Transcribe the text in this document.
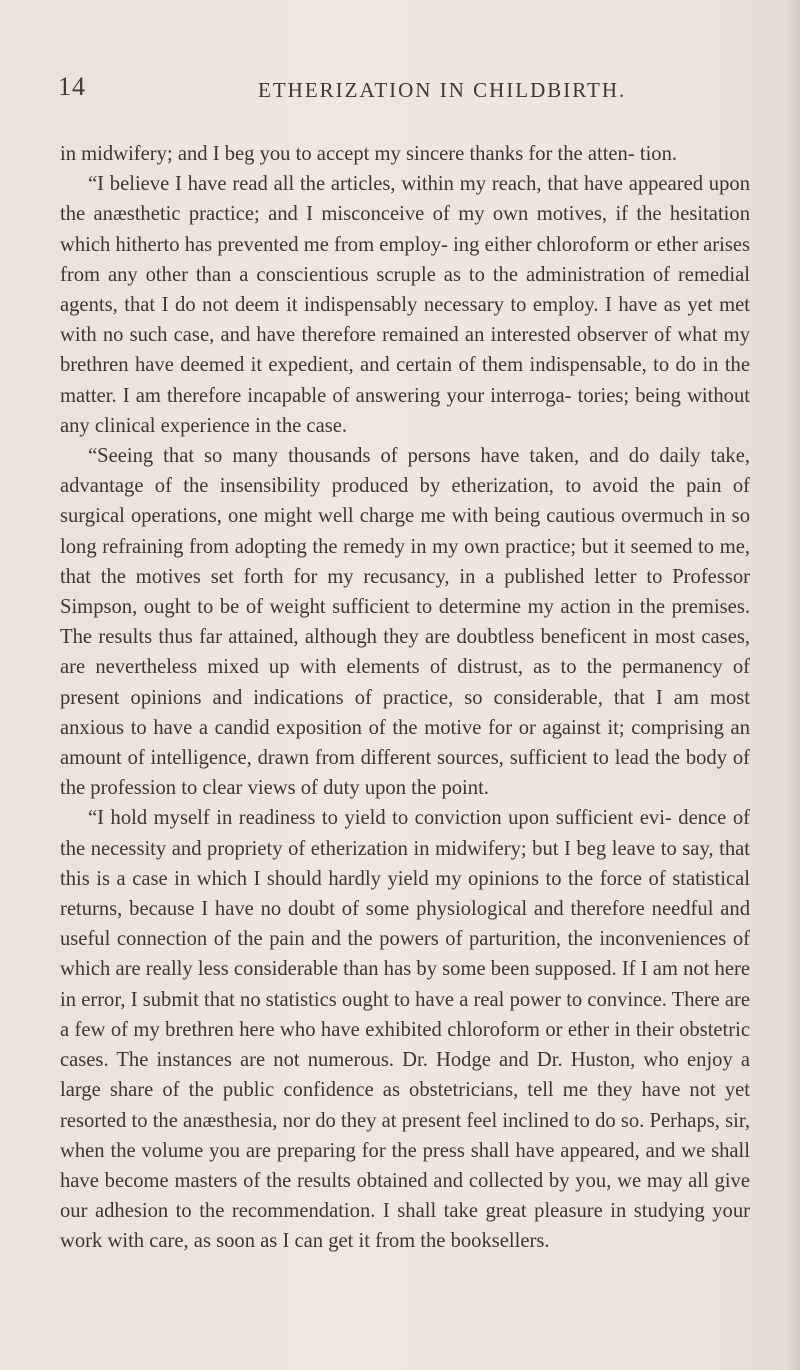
14	ETHERIZATION IN CHILDBIRTH.

in midwifery; and I beg you to accept my sincere thanks for the atten- tion.

“I believe I have read all the articles, within my reach, that have appeared upon the anæsthetic practice; and I misconceive of my own motives, if the hesitation which hitherto has prevented me from employ- ing either chloroform or ether arises from any other than a conscientious scruple as to the administration of remedial agents, that I do not deem it indispensably necessary to employ. I have as yet met with no such case, and have therefore remained an interested observer of what my brethren have deemed it expedient, and certain of them indispensable, to do in the matter. I am therefore incapable of answering your interroga- tories; being without any clinical experience in the case.

“Seeing that so many thousands of persons have taken, and do daily take, advantage of the insensibility produced by etherization, to avoid the pain of surgical operations, one might well charge me with being cautious overmuch in so long refraining from adopting the remedy in my own practice; but it seemed to me, that the motives set forth for my recusancy, in a published letter to Professor Simpson, ought to be of weight sufficient to determine my action in the premises. The results thus far attained, although they are doubtless beneficent in most cases, are nevertheless mixed up with elements of distrust, as to the permanency of present opinions and indications of practice, so considerable, that I am most anxious to have a candid exposition of the motive for or against it; comprising an amount of intelligence, drawn from different sources, sufficient to lead the body of the profession to clear views of duty upon the point.

“I hold myself in readiness to yield to conviction upon sufficient evi- dence of the necessity and propriety of etherization in midwifery; but I beg leave to say, that this is a case in which I should hardly yield my opinions to the force of statistical returns, because I have no doubt of some physiological and therefore needful and useful connection of the pain and the powers of parturition, the inconveniences of which are really less considerable than has by some been supposed. If I am not here in error, I submit that no statistics ought to have a real power to convince. There are a few of my brethren here who have exhibited chloroform or ether in their obstetric cases. The instances are not numerous. Dr. Hodge and Dr. Huston, who enjoy a large share of the public confidence as obstetricians, tell me they have not yet resorted to the anæsthesia, nor do they at present feel inclined to do so. Perhaps, sir, when the volume you are preparing for the press shall have appeared, and we shall have become masters of the results obtained and collected by you, we may all give our adhesion to the recommendation. I shall take great pleasure in studying your work with care, as soon as I can get it from the booksellers.
